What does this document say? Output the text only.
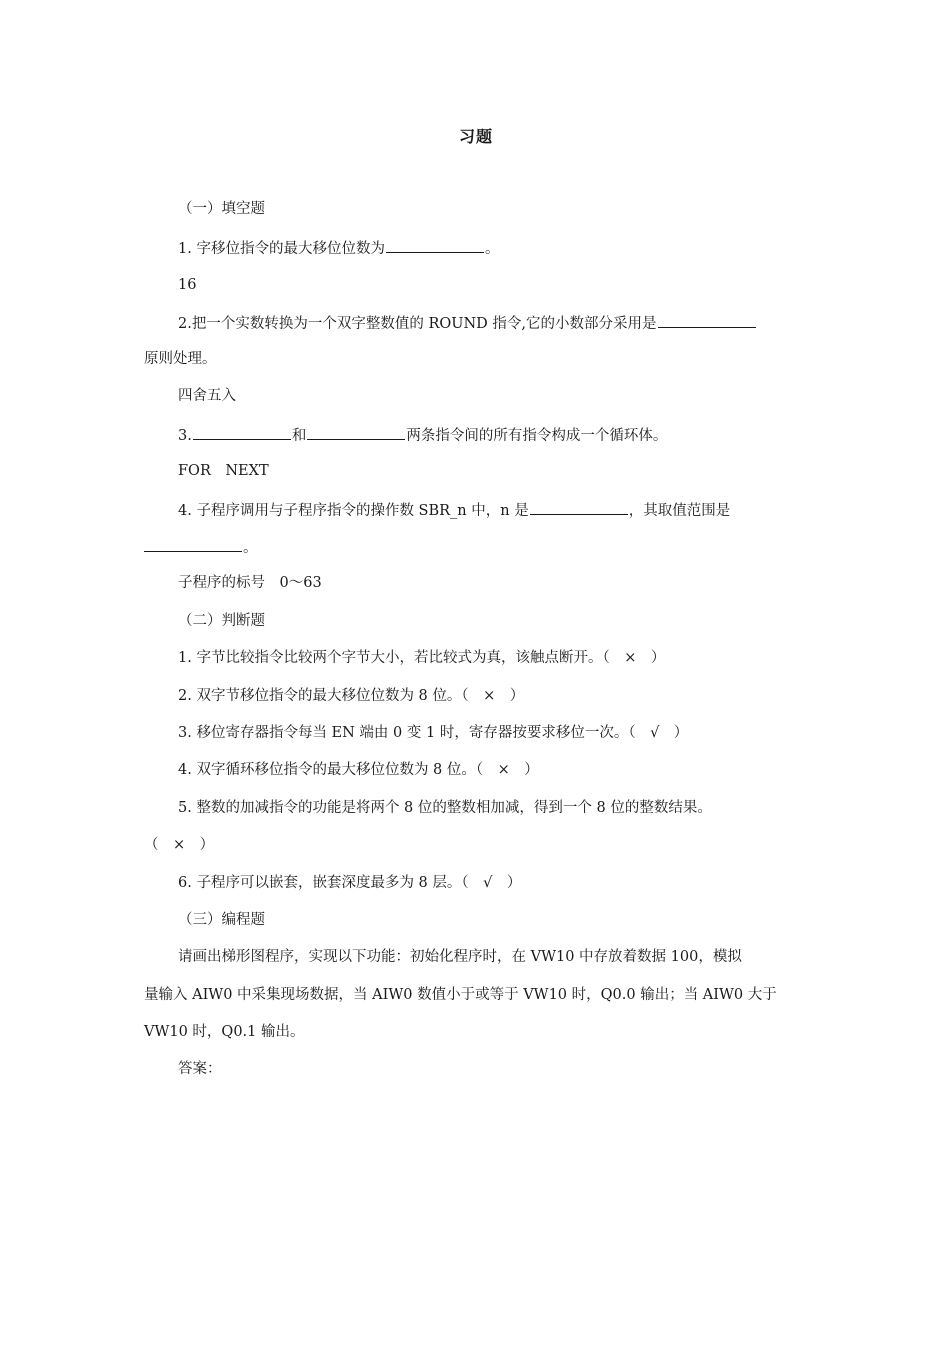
习题
（一）填空题
1. 字移位指令的最大移位位数为	。
16
2.把一个实数转换为一个双字整数值的 ROUND 指令,它的小数部分采用是
原则处理。
四舍五入
3.	和	两条指令间的所有指令构成一个循环体。
FOR　NEXT
4. 子程序调用与子程序指令的操作数 SBR_n 中，n 是	，其取值范围是
。
子程序的标号　0～63
（二）判断题
1. 字节比较指令比较两个字节大小，若比较式为真，该触点断开。（　×　）
2. 双字节移位指令的最大移位位数为 8 位。（　×　）
3. 移位寄存器指令每当 EN 端由 0 变 1 时，寄存器按要求移位一次。（　√　）
4. 双字循环移位指令的最大移位位数为 8 位。（　×　）
5. 整数的加减指令的功能是将两个 8 位的整数相加减，得到一个 8 位的整数结果。
（　×　）
6. 子程序可以嵌套，嵌套深度最多为 8 层。（　√　）
（三）编程题
请画出梯形图程序，实现以下功能：初始化程序时，在 VW10 中存放着数据 100，模拟
量输入 AIW0 中采集现场数据，当 AIW0 数值小于或等于 VW10 时，Q0.0 输出；当 AIW0 大于
VW10 时，Q0.1 输出。
答案：
